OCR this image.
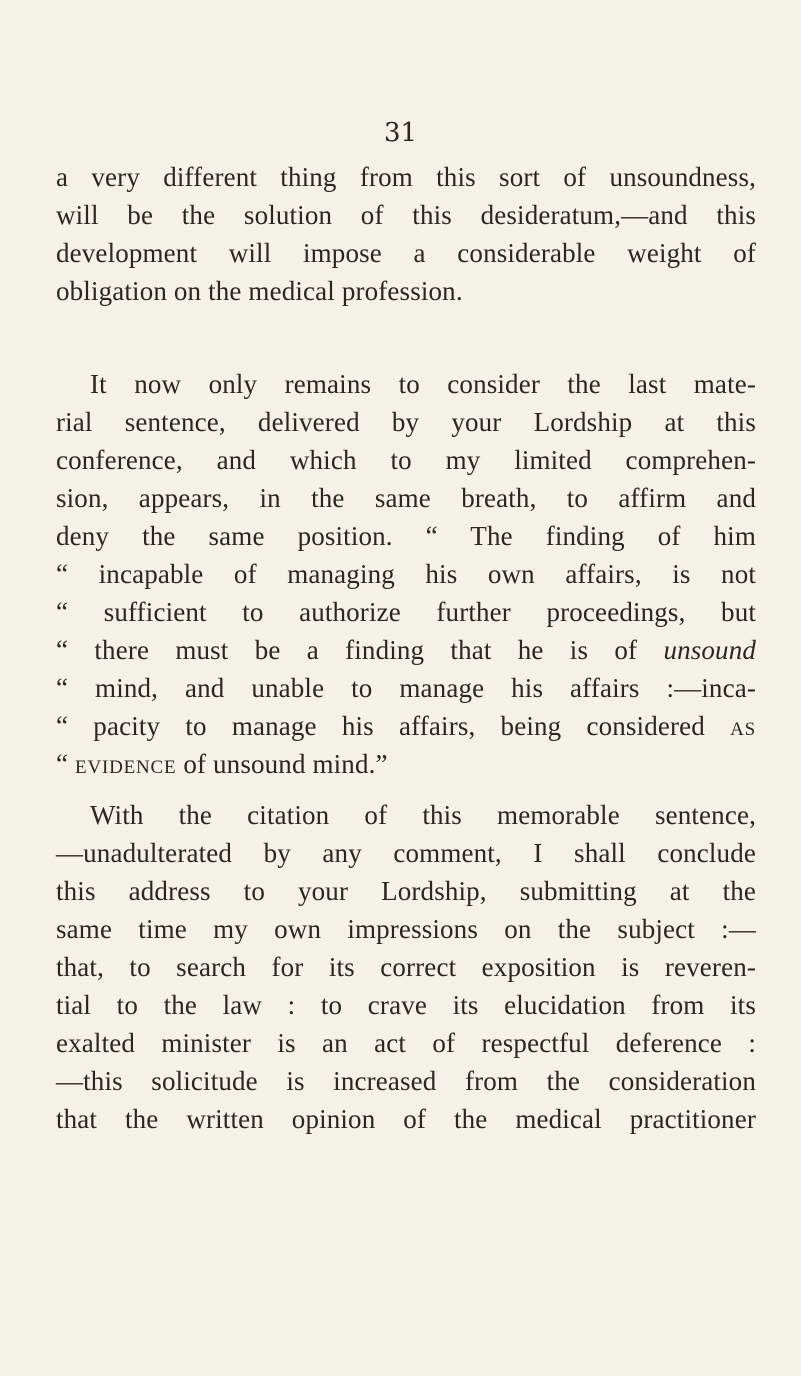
31
a very different thing from this sort of unsoundness,
will be the solution of this desideratum,—and this
development will impose a considerable weight of
obligation on the medical profession.
It now only remains to consider the last mate-
rial sentence, delivered by your Lordship at this
conference, and which to my limited comprehen-
sion, appears, in the same breath, to affirm and
deny the same position. “ The finding of him
“ incapable of managing his own affairs, is not
“ sufficient to authorize further proceedings, but
“ there must be a finding that he is of unsound
“ mind, and unable to manage his affairs :—inca-
“ pacity to manage his affairs, being considered as
“ evidence of unsound mind.”
With the citation of this memorable sentence,
—unadulterated by any comment, I shall conclude
this address to your Lordship, submitting at the
same time my own impressions on the subject :—
that, to search for its correct exposition is reveren-
tial to the law : to crave its elucidation from its
exalted minister is an act of respectful deference :
—this solicitude is increased from the consideration
that the written opinion of the medical practitioner
